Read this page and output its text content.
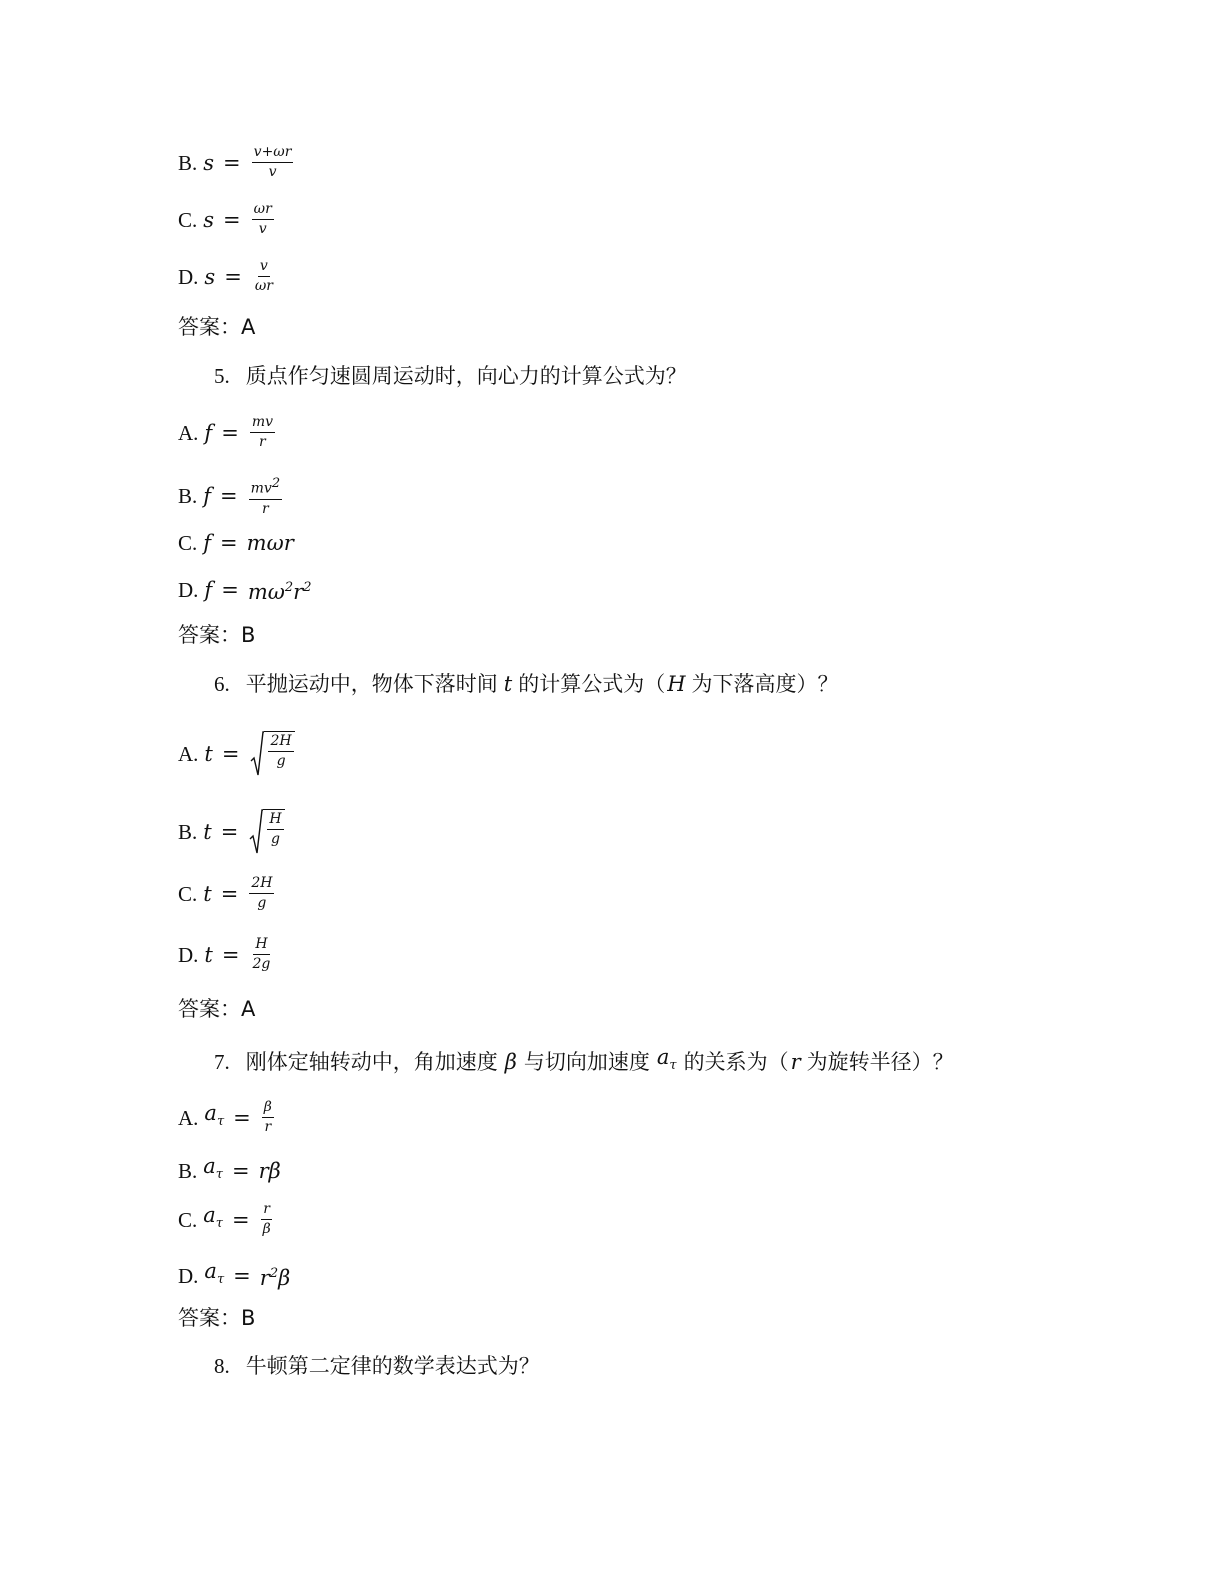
B. $s = \frac{v+\omega r}{v}$
C. $s = \frac{\omega r}{v}$
D. $s = \frac{v}{\omega r}$
答案：A
5. 质点作匀速圆周运动时，向心力的计算公式为？
A. $f = \frac{mv}{r}$
B. $f = \frac{mv^2}{r}$
C. f = mωr
D. $f = m\omega^2r^2$
答案：B
6. 平抛运动中，物体下落时间 t 的计算公式为（ H 为下落高度）？
A. $t = \frac{2H}{g}$
B. $t = \frac{H}{g}$
C. $t = \frac{2H}{g}$
D. $t = \frac{H}{2g}$
答案：A
7. 刚体定轴转动中，角加速度 β 与切向加速度 $a_\tau$ 的关系为（ r 为旋转半径）？
A. $a_\tau = \frac{\beta}{r}$
B. $a_\tau = r\beta$
C. $a_\tau = \frac{r}{\beta}$
D. $a_\tau = r^2\beta$
答案：B
8. 牛顿第二定律的数学表达式为？
